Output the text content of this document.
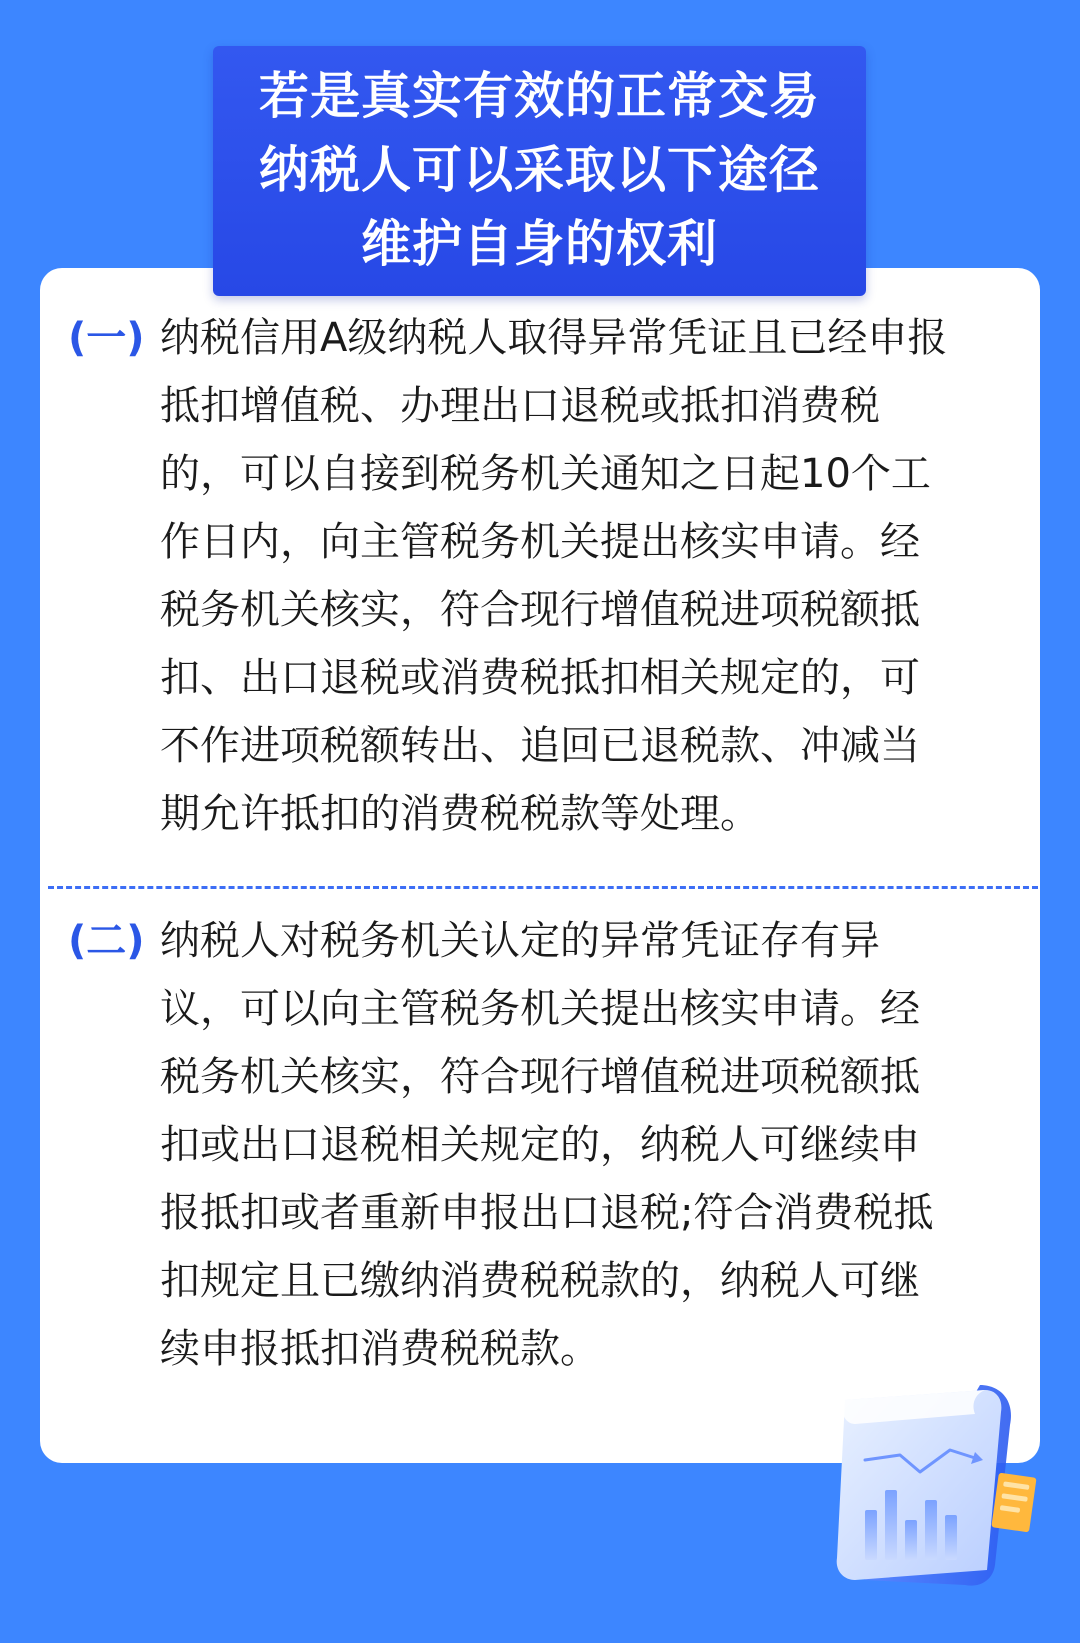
若是真实有效的正常交易
纳税人可以采取以下途径
维护自身的权利
(一) 纳税信用A级纳税人取得异常凭证且已经申报
抵扣增值税、办理出口退税或抵扣消费税
的，可以自接到税务机关通知之日起10个工
作日内，向主管税务机关提出核实申请。经
税务机关核实，符合现行增值税进项税额抵
扣、出口退税或消费税抵扣相关规定的，可
不作进项税额转出、追回已退税款、冲减当
期允许抵扣的消费税税款等处理。
(二) 纳税人对税务机关认定的异常凭证存有异
议，可以向主管税务机关提出核实申请。经
税务机关核实，符合现行增值税进项税额抵
扣或出口退税相关规定的，纳税人可继续申
报抵扣或者重新申报出口退税;符合消费税抵
扣规定且已缴纳消费税税款的，纳税人可继
续申报抵扣消费税税款。
